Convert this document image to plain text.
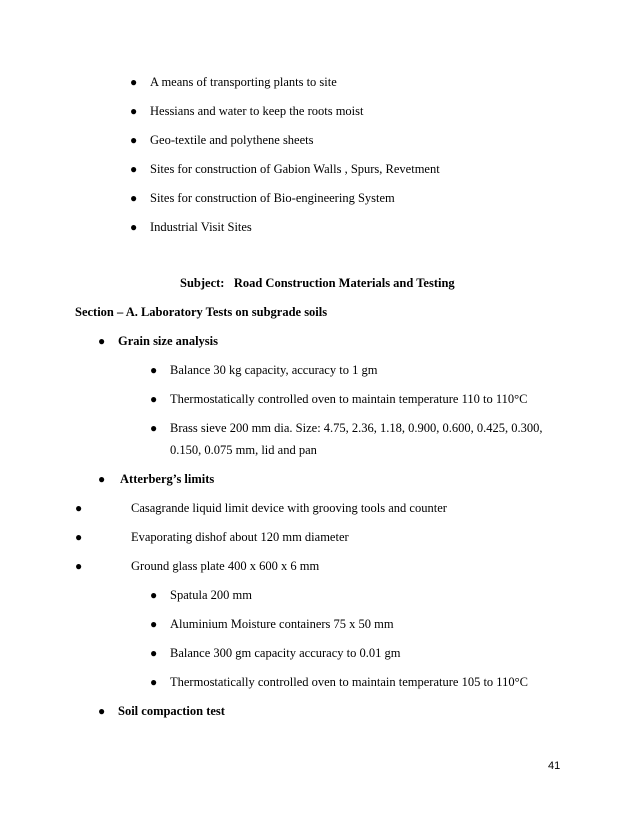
● A means of transporting plants to site
● Hessians and water to keep the roots moist
● Geo-textile and polythene sheets
● Sites for construction of Gabion Walls , Spurs, Revetment
● Sites for construction of Bio-engineering System
● Industrial Visit Sites
Subject:   Road Construction Materials and Testing
Section – A. Laboratory Tests on subgrade soils
● Grain size analysis
● Balance 30 kg capacity, accuracy to 1 gm
● Thermostatically controlled oven to maintain temperature 110 to 110°C
● Brass sieve 200 mm dia. Size: 4.75, 2.36, 1.18, 0.900, 0.600, 0.425, 0.300,
0.150, 0.075 mm, lid and pan
● Atterberg’s limits
●	Casagrande liquid limit device with grooving tools and counter
●	Evaporating dishof about 120 mm diameter
●	Ground glass plate 400 x 600 x 6 mm
● Spatula 200 mm
● Aluminium Moisture containers 75 x 50 mm
● Balance 300 gm capacity accuracy to 0.01 gm
● Thermostatically controlled oven to maintain temperature 105 to 110°C
● Soil compaction test
41
